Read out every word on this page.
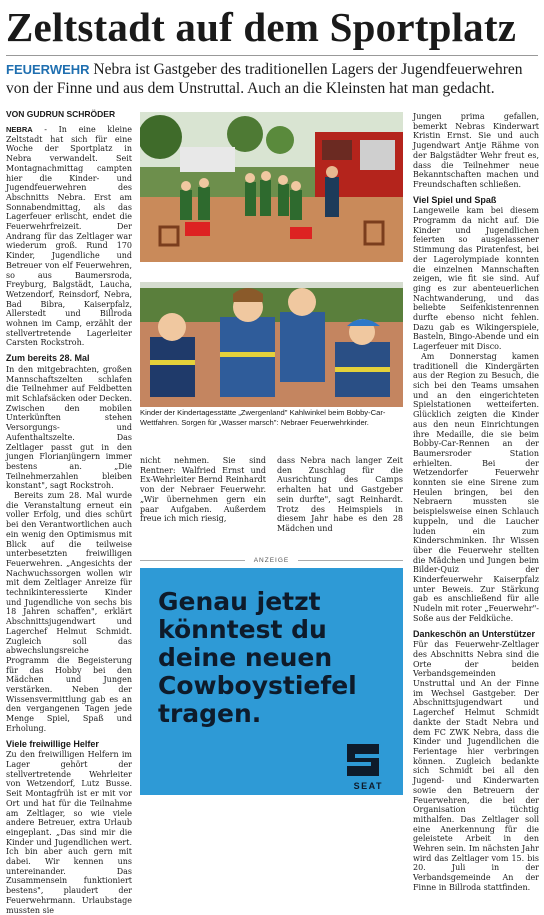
Zeltstadt auf dem Sportplatz
FEUERWEHR Nebra ist Gastgeber des traditionellen Lagers der Jugendfeuerwehren von der Finne und aus dem Unstruttal. Auch an die Kleinsten hat man gedacht.
VON GUDRUN SCHRÖDER

NEBRA - In eine kleine Zeltstadt hat sich für eine Woche der Sportplatz in Nebra verwandelt. Seit Montagnachmittag campten hier die Kinder- und Jugendfeuerwehren des Abschnitts Nebra. Erst am Sonnabendmittag, als das Lagerfeuer erlischt, endet die Feuerwehrfreizeit. Der Andrang für das Zeltlager war wiederum groß. Rund 170 Kinder, Jugendliche und Betreuer von elf Feuerwehren, so aus Baumersroda, Freyburg, Balgstädt, Laucha, Wetzendorf, Reinsdorf, Nebra, Bad Bibra, Kaiserpfalz, Allerstedt und Billroda wohnen im Camp, erzählt der stellvertretende Lagerleiter Carsten Rockstroh.

Zum bereits 28. Mal

In den mitgebrachten, großen Mannschaftszelten schlafen die Teilnehmer auf Feldbetten mit Schlafsäcken oder Decken. Zwischen den mobilen Unterkünften stehen Versorgungs- und Aufenthaltszelte. Das Zeltlager passt gut in den jungen Florianjüngern immer bestens an. „Die Teilnehmerzahlen bleiben konstant", sagt Rockstroh.

Bereits zum 28. Mal wurde die Veranstaltung erneut ein voller Erfolg, und dies schürt bei den Verantwortlichen auch ein wenig den Optimismus mit Blick auf die teilweise unterbesetzten freiwilligen Feuerwehren. „Angesichts der Nachwuchssorgen wollen wir mit dem Zeltlager Anreize für technikinteressierte Kinder und Jugendliche von sechs bis 18 Jahren schaffen", erklärt Abschnittsjugendwart und Lagerchef Helmut Schmidt. Zugleich soll das abwechslungsreiche Programm die Begeisterung für das Hobby bei den Mädchen und Jungen verstärken. Neben der Wissensvermittlung gab es an den vergangenen Tagen jede Menge Spiel, Spaß und Erholung.

Viele freiwillige Helfer

Zu den freiwilligen Helfern im Lager gehört der stellvertretende Wehrleiter von Wetzendorf, Lutz Busse. Seit Montagfrüh ist er mit vor Ort und hat für die Teilnahme am Zeltlager, so wie viele andere Betreuer, extra Urlaub eingeplant. „Das sind mir die Kinder und Jugendlichen wert. Ich bin aber auch gern mit dabei. Wir kennen uns untereinander. Das Zusammensein funktioniert bestens", plaudert der Feuerwehrmann. Urlaubstage mussten sie

Kinder der Kindertagesstätte „Zwergenland" Kahlwinkel beim Bobby-Car-Wettfahren. Sorgen für „Wasser marsch": Nebraer Feuerwehrkinder.

nicht nehmen. Sie sind Rentner: Walfried Ernst und Ex-Wehrleiter Bernd Reinhardt von der Nebraer Feuerwehr. „Wir übernehmen gern ein paar Aufgaben. Außerdem freue ich mich riesig,

dass Nebra nach langer Zeit den Zuschlag für die Ausrichtung des Camps erhalten hat und Gastgeber sein durfte", sagt Reinhardt. Trotz des Heimspiels in diesem Jahr habe es den 28 Mädchen und

ANZEIGE
Genau jetzt
könntest du
deine neuen
Cowboystiefel
tragen.
SEAT

Jungen prima gefallen, bemerkt Nebras Kinderwart Kristin Ernst. Sie und auch Jugendwart Antje Rähme von der Balgstädter Wehr freut es, dass die Teilnehmer neue Bekanntschaften machen und Freundschaften schließen.

Viel Spiel und Spaß

Langeweile kam bei diesem Programm da nicht auf. Die Kinder und Jugendlichen feierten so ausgelassener Stimmung das Piratenfest, bei der Lagerolympiade konnten die einzelnen Mannschaften zeigen, wie fit sie sind. Auf ging es zur abenteuerlichen Nachtwanderung, und das beliebte Seifenkistenrennen durfte ebenso nicht fehlen. Dazu gab es Wikingerspiele, Basteln, Bingo-Abende und ein Lagerfeuer mit Disco.

Am Donnerstag kamen traditionell die Kindergärten aus der Region zu Besuch, die sich bei den Teams umsahen und an den eingerichteten Spielstationen wetteiferten. Glücklich zeigten die Kinder aus den neun Einrichtungen ihre Medaille, die sie beim Bobby-Car-Rennen an der Baumersroder Station erhielten. Bei der Wetzendorfer Feuerwehr konnten sie eine Sirene zum Heulen bringen, bei den Nebraern mussten sie beispielsweise einen Schlauch kuppeln, und die Laucher luden ein zum Kinderschminken. Ihr Wissen über die Feuerwehr stellten die Mädchen und Jungen beim Bilder-Quiz der Kinderfeuerwehr Kaiserpfalz unter Beweis. Zur Stärkung gab es anschließend für alle Nudeln mit roter „Feuerwehr"-Soße aus der Feldküche.

Dankeschön an Unterstützer

Für das Feuerwehr-Zeltlager des Abschnitts Nebra sind die Orte der beiden Verbandsgemeinden Unstruttal und An der Finne im Wechsel Gastgeber. Der Abschnittsjugendwart und Lagerchef Helmut Schmidt dankte der Stadt Nebra und dem FC ZWK Nebra, dass die Kinder und Jugendlichen die Ferientage hier verbringen können. Zugleich bedankte sich Schmidt bei all den Jugend- und Kinderwarten sowie den Betreuern der Feuerwehren, die bei der Organisation tüchtig mithalfen. Das Zeltlager soll eine Anerkennung für die geleistete Arbeit in den Wehren sein. Im nächsten Jahr wird das Zeltlager vom 15. bis 20. Juli in der Verbandsgemeinde An der Finne in Billroda stattfinden.
